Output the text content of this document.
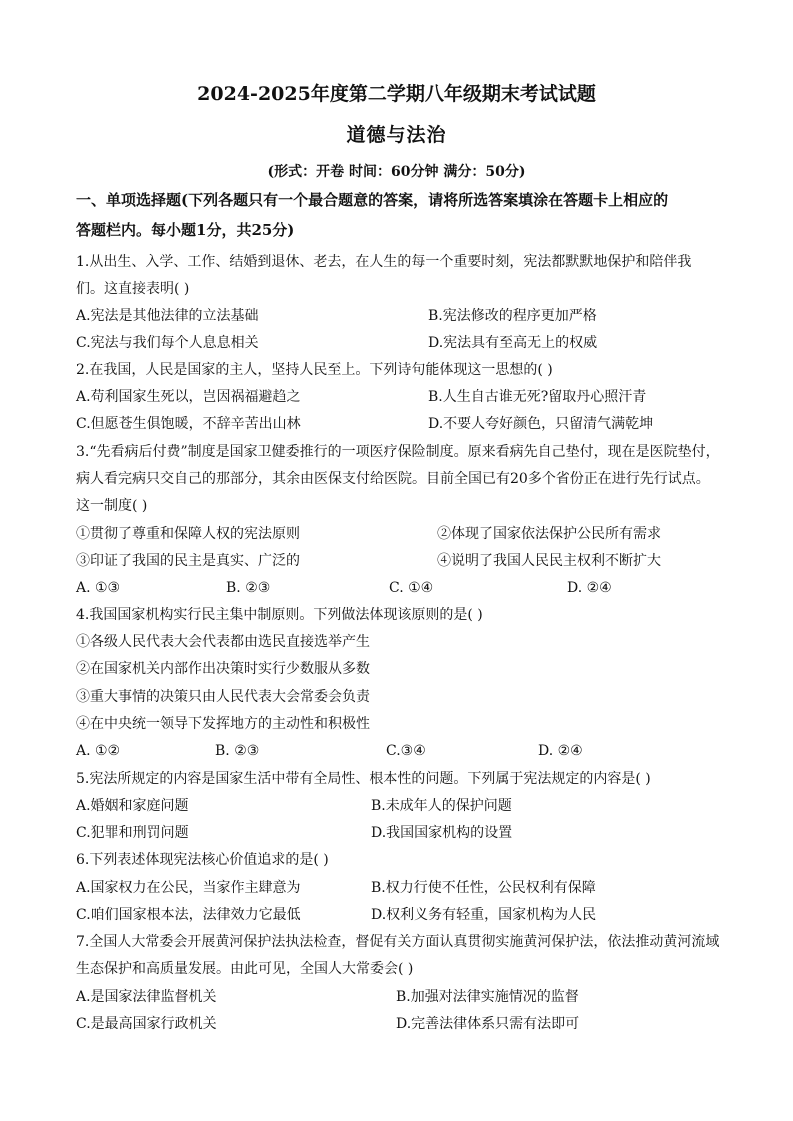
2024-2025年度第二学期八年级期末考试试题
道德与法治
(形式：开卷 时间：60分钟 满分：50分)
一、单项选择题(下列各题只有一个最合题意的答案，请将所选答案填涂在答题卡上相应的
答题栏内。每小题1分，共25分)
1.从出生、入学、工作、结婚到退休、老去，在人生的每一个重要时刻，宪法都默默地保护和陪伴我
们。这直接表明( )
A.宪法是其他法律的立法基础	B.宪法修改的程序更加严格
C.宪法与我们每个人息息相关	D.宪法具有至高无上的权威
2.在我国，人民是国家的主人，坚持人民至上。下列诗句能体现这一思想的( )
A.苟利国家生死以，岂因祸福避趋之	B.人生自古谁无死?留取丹心照汗青
C.但愿苍生俱饱暖，不辞辛苦出山林	D.不要人夸好颜色，只留清气满乾坤
3.“先看病后付费”制度是国家卫健委推行的一项医疗保险制度。原来看病先自己垫付，现在是医院垫付，
病人看完病只交自己的那部分，其余由医保支付给医院。目前全国已有20多个省份正在进行先行试点。
这一制度( )
①贯彻了尊重和保障人权的宪法原则	②体现了国家依法保护公民所有需求
③印证了我国的民主是真实、广泛的	④说明了我国人民民主权利不断扩大
A. ①③	B. ②③	C. ①④	D. ②④
4.我国国家机构实行民主集中制原则。下列做法体现该原则的是( )
①各级人民代表大会代表都由选民直接选举产生
②在国家机关内部作出决策时实行少数服从多数
③重大事情的决策只由人民代表大会常委会负责
④在中央统一领导下发挥地方的主动性和积极性
A. ①②	B. ②③	C.③④	D. ②④
5.宪法所规定的内容是国家生活中带有全局性、根本性的问题。下列属于宪法规定的内容是( )
A.婚姻和家庭问题	B.未成年人的保护问题
C.犯罪和刑罚问题	D.我国国家机构的设置
6.下列表述体现宪法核心价值追求的是( )
A.国家权力在公民，当家作主肆意为	B.权力行使不任性，公民权利有保障
C.咱们国家根本法，法律效力它最低	D.权利义务有轻重，国家机构为人民
7.全国人大常委会开展黄河保护法执法检查，督促有关方面认真贯彻实施黄河保护法，依法推动黄河流域
生态保护和高质量发展。由此可见，全国人大常委会( )
A.是国家法律监督机关	B.加强对法律实施情况的监督
C.是最高国家行政机关	D.完善法律体系只需有法即可
